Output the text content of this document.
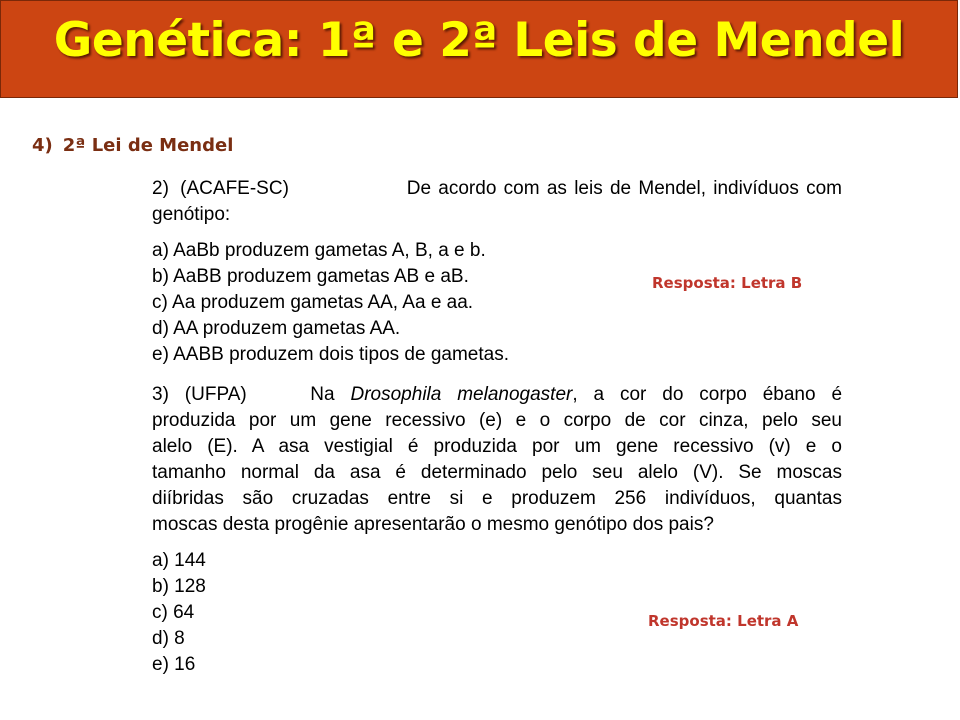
Genética: 1ª e 2ª Leis de Mendel
4) 2ª Lei de Mendel

2) (ACAFE-SC)	De acordo com as leis de Mendel, indivíduos com

genótipo:

a) AaBb produzem gametas A, B, a e b.

b) AaBB produzem gametas AB e aB.

c) Aa produzem gametas AA, Aa e aa.

d) AA produzem gametas AA.

e) AABB produzem dois tipos de gametas.

3) (UFPA)	Na Drosophila melanogaster, a cor do corpo ébano é

produzida por um gene recessivo (e) e o corpo de cor cinza, pelo seu

alelo (E). A asa vestigial é produzida por um gene recessivo (v) e o

tamanho normal da asa é determinado pelo seu alelo (V). Se moscas

diíbridas são cruzadas entre si e produzem 256 indivíduos, quantas

moscas desta progênie apresentarão o mesmo genótipo dos pais?

a) 144

b) 128

c) 64

d) 8

e) 16

Resposta: Letra B
Resposta: Letra A
